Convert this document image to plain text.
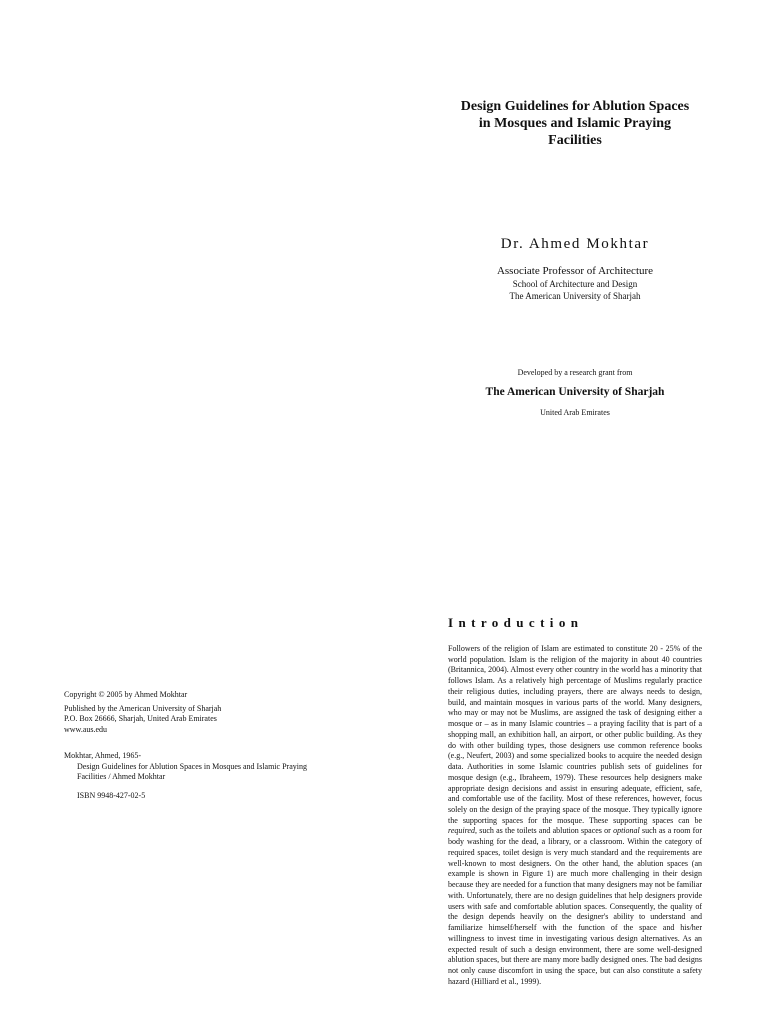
Design Guidelines for Ablution Spaces
in Mosques and Islamic Praying
Facilities
Dr. Ahmed Mokhtar
Associate Professor of Architecture
School of Architecture and Design
The American University of Sharjah
Developed by a research grant from
The American University of Sharjah
United Arab Emirates

Copyright © 2005 by Ahmed Mokhtar

Published by the American University of Sharjah

P.O. Box 26666, Sharjah, United Arab Emirates

www.aus.edu

Mokhtar, Ahmed, 1965-

Design Guidelines for Ablution Spaces in Mosques and Islamic Praying

Facilities / Ahmed Mokhtar

ISBN 9948-427-02-5

Introduction
Followers of the religion of Islam are estimated to constitute 20 - 25% of the world population. Islam is the religion of the majority in about 40 countries (Britannica, 2004). Almost every other country in the world has a minority that follows Islam. As a relatively high percentage of Muslims regularly practice their religious duties, including prayers, there are always needs to design, build, and maintain mosques in various parts of the world. Many designers, who may or may not be Muslims, are assigned the task of designing either a mosque or – as in many Islamic countries – a praying facility that is part of a shopping mall, an exhibition hall, an airport, or other public building. As they do with other building types, those designers use common reference books (e.g., Neufert, 2003) and some specialized books to acquire the needed design data. Authorities in some Islamic countries publish sets of guidelines for mosque design (e.g., Ibraheem, 1979). These resources help designers make appropriate design decisions and assist in ensuring adequate, efficient, safe, and comfortable use of the facility. Most of these references, however, focus solely on the design of the praying space of the mosque. They typically ignore the supporting spaces for the mosque. These supporting spaces can be required, such as the toilets and ablution spaces or optional such as a room for body washing for the dead, a library, or a classroom. Within the category of required spaces, toilet design is very much standard and the requirements are well-known to most designers. On the other hand, the ablution spaces (an example is shown in Figure 1) are much more challenging in their design because they are needed for a function that many designers may not be familiar with. Unfortunately, there are no design guidelines that help designers provide users with safe and comfortable ablution spaces. Consequently, the quality of the design depends heavily on the designer's ability to understand and familiarize himself/herself with the function of the space and his/her willingness to invest time in investigating various design alternatives. As an expected result of such a design environment, there are some well-designed ablution spaces, but there are many more badly designed ones. The bad designs not only cause discomfort in using the space, but can also constitute a safety hazard (Hilliard et al., 1999).
